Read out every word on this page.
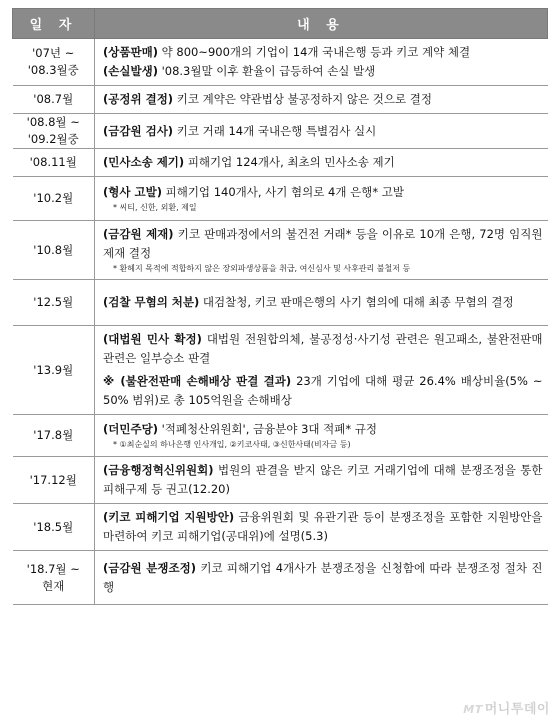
일 자	내 용

'07년 ~
'08.3월중	(상품판매) 약 800~900개의 기업이 14개 국내은행 등과 키코 계약 체결
(손실발생) '08.3월말 이후 환율이 급등하여 손실 발생

'08.7월	(공정위 결정) 키코 계약은 약관법상 불공정하지 않은 것으로 결정

'08.8월 ~
'09.2월중	(금감원 검사) 키코 거래 14개 국내은행 특별검사 실시

'08.11월	(민사소송 제기) 피해기업 124개사, 최초의 민사소송 제기

'10.2월	(형사 고발) 피해기업 140개사, 사기 혐의로 4개 은행* 고발
* 씨티, 신한, 외환, 제일

'10.8월	(금감원 제재) 키코 판매과정에서의 불건전 거래* 등을 이유로 10개 은행, 72명 임직원 제재 결정
* 환헤지 목적에 적합하지 않은 장외파생상품을 취급, 여신심사 및 사후관리 불철저 등

'12.5월	(검찰 무혐의 처분) 대검찰청, 키코 판매은행의 사기 혐의에 대해 최종 무혐의 결정

'13.9월	(대법원 민사 확정) 대법원 전원합의체, 불공정성·사기성 관련은 원고패소, 불완전판매 관련은 일부승소 판결
※ (불완전판매 손해배상 판결 결과) 23개 기업에 대해 평균 26.4% 배상비율(5% ~ 50% 범위)로 총 105억원을 손해배상

'17.8월	(더민주당) '적폐청산위원회', 금융분야 3대 적폐* 규정
* ①최순실의 하나은행 인사개입, ②키코사태, ③신한사태(비자금 등)

'17.12월	(금융행정혁신위원회) 법원의 판결을 받지 않은 키코 거래기업에 대해 분쟁조정을 통한 피해구제 등 권고(12.20)

'18.5월	(키코 피해기업 지원방안) 금융위원회 및 유관기관 등이 분쟁조정을 포함한 지원방안을 마련하여 키코 피해기업(공대위)에 설명(5.3)

'18.7월 ~
현재	(금감원 분쟁조정) 키코 피해기업 4개사가 분쟁조정을 신청함에 따라 분쟁조정 절차 진행
MT 머니투데이
